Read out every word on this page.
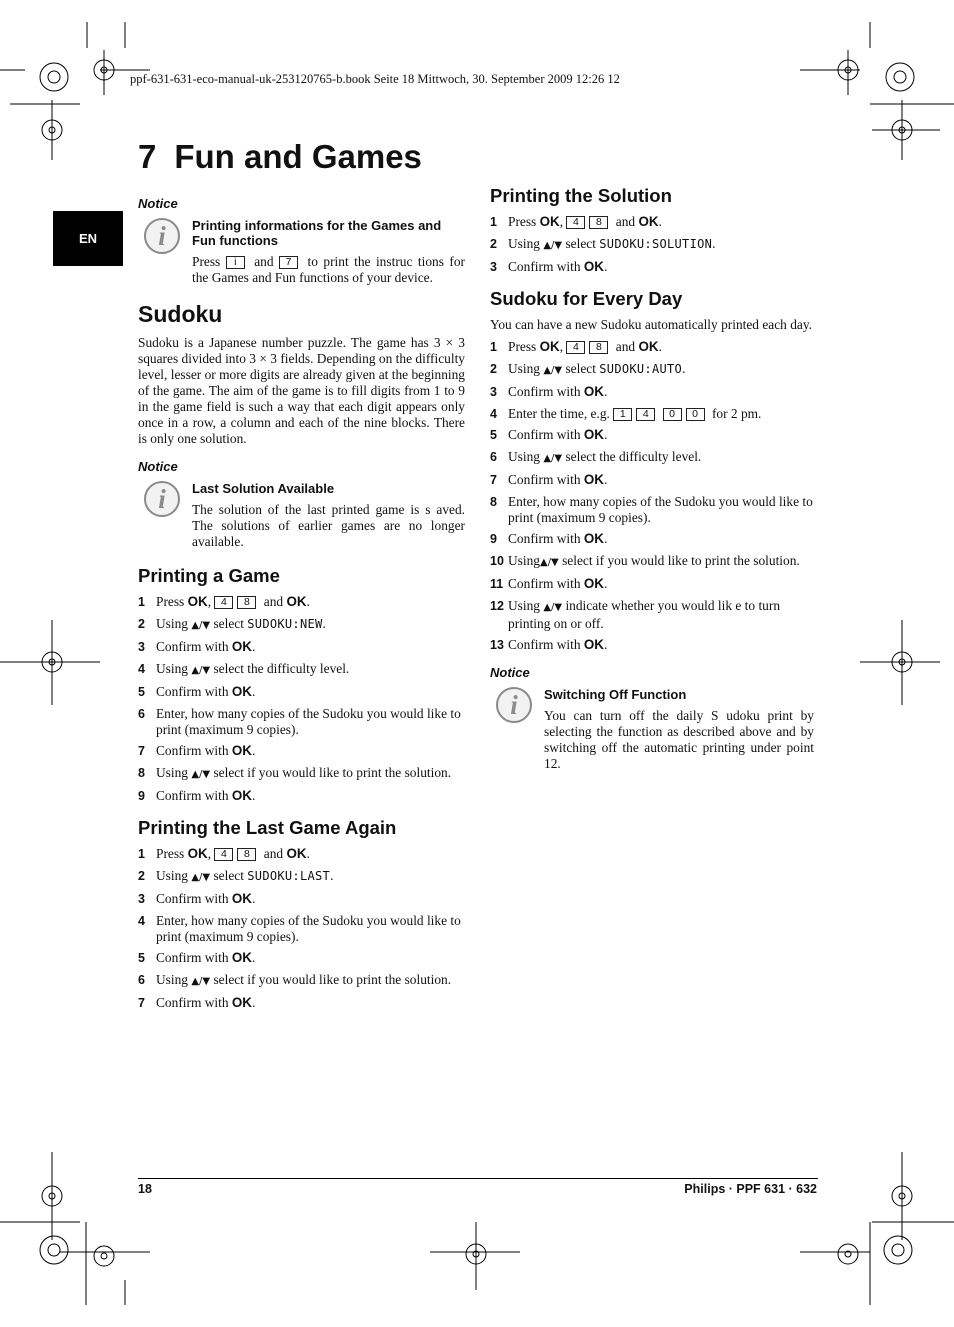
ppf-631-631-eco-manual-uk-253120765-b.book Seite 18 Mittwoch, 30. September 2009 12:26 12
EN
7 Fun and Games
Notice
i	Printing informations for the Games and Fun functions
Press i and 7 to print the instruc tions for the Games and Fun functions of your device.
Sudoku

Sudoku is a Japanese number puzzle. The game has 3 × 3 squares divided into 3 × 3 fields. Depending on the difficulty level, lesser or more digits are already given at the beginning of the game. The aim of the game is to fill digits from 1 to 9 in the game field is such a way that each digit appears only once in a row, a column and each of the nine blocks. There is only one solution.

Notice
i	Last Solution Available
The solution of the last printed game is s aved. The solutions of earlier games are no longer available.
Printing a Game
1 Press OK, 4 8 and OK.
2 Using ▲/▼ select SUDOKU:NEW.
3 Confirm with OK.
4 Using ▲/▼ select the difficulty level.
5 Confirm with OK.
6 Enter, how many copies of the Sudoku you would like to print (maximum 9 copies).
7 Confirm with OK.
8 Using ▲/▼ select if you would like to print the solution.
9 Confirm with OK.
Printing the Last Game Again
1 Press OK, 4 8 and OK.
2 Using ▲/▼ select SUDOKU:LAST.
3 Confirm with OK.
4 Enter, how many copies of the Sudoku you would like to print (maximum 9 copies).
5 Confirm with OK.
6 Using ▲/▼ select if you would like to print the solution.
7 Confirm with OK.
Printing the Solution
1 Press OK, 4 8 and OK.
2 Using ▲/▼ select SUDOKU:SOLUTION.
3 Confirm with OK.
Sudoku for Every Day

You can have a new Sudoku automatically printed each day.

1 Press OK, 4 8 and OK.
2 Using ▲/▼ select SUDOKU:AUTO.
3 Confirm with OK.
4 Enter the time, e.g. 1 4 0 0 for 2 pm.
5 Confirm with OK.
6 Using ▲/▼ select the difficulty level.
7 Confirm with OK.
8 Enter, how many copies of the Sudoku you would like to print (maximum 9 copies).
9 Confirm with OK.
10 Using▲/▼ select if you would like to print the solution.
11 Confirm with OK.
12 Using ▲/▼ indicate whether you would lik e to turn printing on or off.
13 Confirm with OK.
Notice
i	Switching Off Function
You can turn off the daily S udoku print by selecting the function as described above and by switching off the automatic printing under point 12.
18	Philips · PPF 631 · 632
